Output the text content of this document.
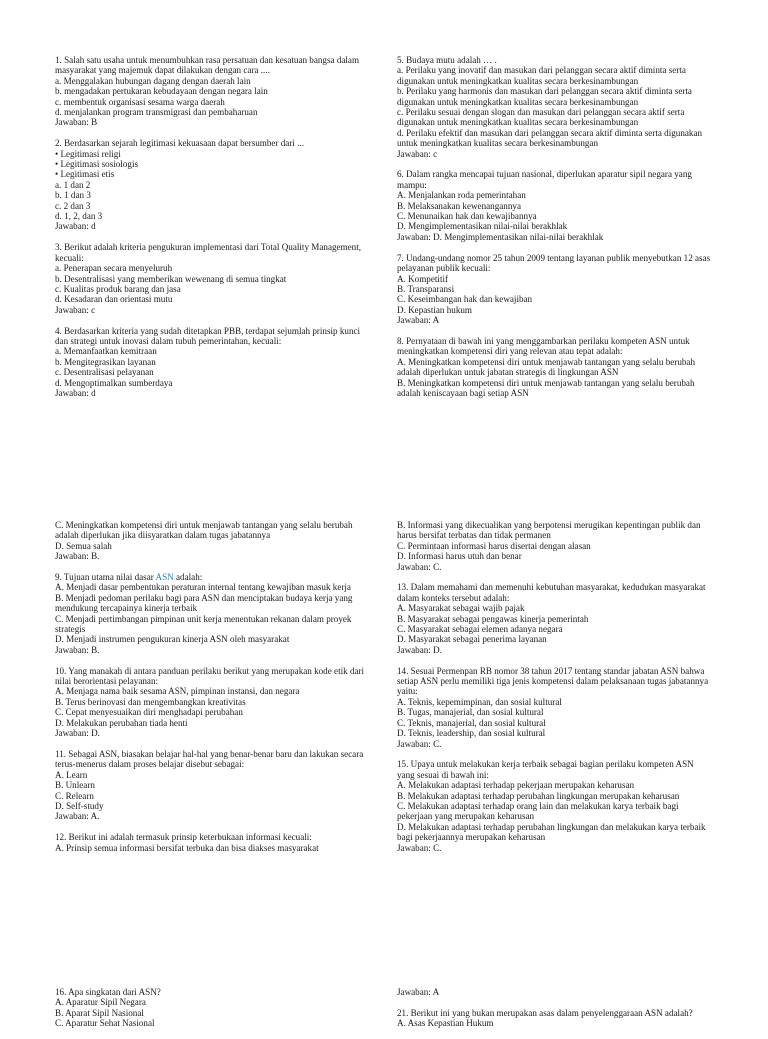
1. Salah satu usaha untuk menumbuhkan rasa persatuan dan kesatuan bangsa dalam
masyarakat yang majemuk dapat dilakukan dengan cara ....
a. Menggalakan hubungan dagang dengan daerah lain
b. mengadakan pertukaran kebudayaan dengan negara lain
c. membentuk organisasi sesama warga daerah
d. menjalankan program transmigrasi dan pembaharuan
Jawaban: B
2. Berdasarkan sejarah legitimasi kekuasaan dapat bersumber dari ...
• Legitimasi religi
• Legitimasi sosiologis
• Legitimasi etis
a. 1 dan 2
b. 1 dan 3
c. 2 dan 3
d. 1, 2, dan 3
Jawaban: d
3. Berikut adalah kriteria pengukuran implementasi dari Total Quality Management,
kecuali:
a. Penerapan secara menyeluruh
b. Desentralisasi yang memberikan wewenang di semua tingkat
c. Kualitas produk barang dan jasa
d. Kesadaran dan orientasi mutu
Jawaban: c
4. Berdasarkan kriteria yang sudah ditetapkan PBB, terdapat sejumlah prinsip kunci
dan strategi untuk inovasi dalam tubuh pemerintahan, kecuali:
a. Memanfaatkan kemitraan
b. Mengitegrasikan layanan
c. Desentralisasi pelayanan
d. Mengoptimalkan sumberdaya
Jawaban: d
5. Budaya mutu adalah … .
a. Perilaku yang inovatif dan masukan dari pelanggan secara aktif diminta serta
digunakan untuk meningkatkan kualitas secara berkesinambungan
b. Perilaku yang harmonis dan masukan dari pelanggan secara aktif diminta serta
digunakan untuk meningkatkan kualitas secara berkesinambungan
c. Perilaku sesuai dengan slogan dan masukan dari pelanggan secara aktif serta
digunakan untuk meningkatkan kualitas secara berkesinambungan
d. Perilaku efektif dan masukan dari pelanggan secara aktif diminta serta digunakan
untuk meningkatkan kualitas secara berkesinambungan
Jawaban: c
6. Dalam rangka mencapai tujuan nasional, diperlukan aparatur sipil negara yang
mampu:
A. Menjalankan roda pemerintahan
B. Melaksanakan kewenangannya
C. Menunaikan hak dan kewajibannya
D. Mengimplementasikan nilai-nilai berakhlak
Jawaban: D. Mengimplementasikan nilai-nilai berakhlak
7. Undang-undang nomor 25 tahun 2009 tentang layanan publik menyebutkan 12 asas
pelayanan publik kecuali:
A. Kompetitif
B. Transparansi
C. Keseimbangan hak dan kewajiban
D. Kepastian hukum
Jawaban: A
8. Pernyataan di bawah ini yang menggambarkan perilaku kompeten ASN untuk
meningkatkan kompetensi diri yang relevan atau tepat adalah:
A. Meningkatkan kompetensi diri untuk menjawab tantangan yang selalu berubah
adalah diperlukan untuk jabatan strategis di lingkungan ASN
B. Meningkatkan kompetensi diri untuk menjawab tantangan yang selalu berubah
adalah keniscayaan bagi setiap ASN
C. Meningkatkan kompetensi diri untuk menjawab tantangan yang selalu berubah
adalah diperlukan jika diisyaratkan dalam tugas jabatannya
D. Semua salah
Jawaban: B.
9. Tujuan utama nilai dasar ASN adalah:
A. Menjadi dasar pembentukan peraturan internal tentang kewajiban masuk kerja
B. Menjadi pedoman perilaku bagi para ASN dan menciptakan budaya kerja yang
mendukung tercapainya kinerja terbaik
C. Menjadi pertimbangan pimpinan unit kerja menentukan rekanan dalam proyek
strategis
D. Menjadi instrumen pengukuran kinerja ASN oleh masyarakat
Jawaban: B.
10. Yang manakah di antara panduan perilaku berikut yang merupakan kode etik dari
nilai berorientasi pelayanan:
A. Menjaga nama baik sesama ASN, pimpinan instansi, dan negara
B. Terus berinovasi dan mengembangkan kreativitas
C. Cepat menyesuaikan diri menghadapi perubahan
D. Melakukan perubahan tiada henti
Jawaban: D.
11. Sebagai ASN, biasakan belajar hal-hal yang benar-benar baru dan lakukan secara
terus-menerus dalam proses belajar disebut sebagai:
A. Learn
B. Unlearn
C. Relearn
D. Self-study
Jawaban: A.
12. Berikut ini adalah termasuk prinsip keterbukaan informasi kecuali:
A. Prinsip semua informasi bersifat terbuka dan bisa diakses masyarakat
B. Informasi yang dikecualikan yang berpotensi merugikan kepentingan publik dan
harus bersifat terbatas dan tidak permanen
C. Permintaan informasi harus disertai dengan alasan
D. Informasi harus utuh dan benar
Jawaban: C.
13. Dalam memahami dan memenuhi kebutuhan masyarakat, kedudukan masyarakat
dalam konteks tersebut adalah:
A. Masyarakat sebagai wajib pajak
B. Masyarakat sebagai pengawas kinerja pemerintah
C. Masyarakat sebagai elemen adanya negara
D. Masyarakat sebagai penerima layanan
Jawaban: D.
14. Sesuai Permenpan RB nomor 38 tahun 2017 tentang standar jabatan ASN bahwa
setiap ASN perlu memiliki tiga jenis kompetensi dalam pelaksanaan tugas jabatannya
yaitu:
A. Teknis, kepemimpinan, dan sosial kultural
B. Tugas, manajerial, dan sosial kultural
C. Teknis, manajerial, dan sosial kultural
D. Teknis, leadership, dan sosial kultural
Jawaban: C.
15. Upaya untuk melakukan kerja terbaik sebagai bagian perilaku kompeten ASN
yang sesuai di bawah ini:
A. Melakukan adaptasi terhadap pekerjaan merupakan keharusan
B. Melakukan adaptasi terhadap perubahan lingkungan merupakan keharusan
C. Melakukan adaptasi terhadap orang lain dan melakukan karya terbaik bagi
pekerjaan yang merupakan keharusan
D. Melakukan adaptasi terhadap perubahan lingkungan dan melakukan karya terbaik
bagi pekerjaannya merupakan keharusan
Jawaban: C.
16. Apa singkatan dari ASN?
A. Aparatur Sipil Negara
B. Aparat Sipil Nasional
C. Aparatur Sehat Nasional
Jawaban: A
21. Berikut ini yang bukan merupakan asas dalam penyelenggaraan ASN adalah?
A. Asas Kepastian Hukum
